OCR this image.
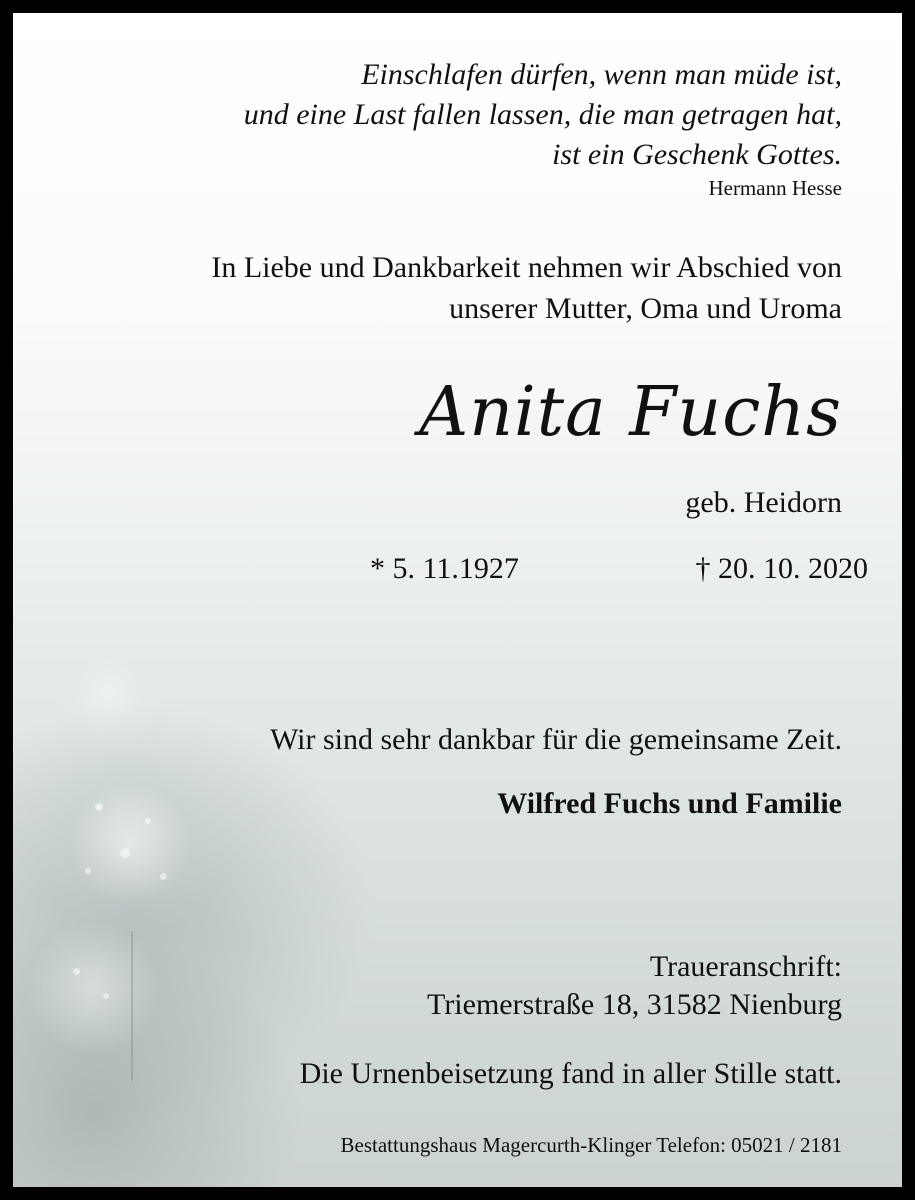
Einschlafen dürfen, wenn man müde ist,
und eine Last fallen lassen, die man getragen hat,
ist ein Geschenk Gottes.
Hermann Hesse
In Liebe und Dankbarkeit nehmen wir Abschied von
unserer Mutter, Oma und Uroma
Anita Fuchs
geb. Heidorn
* 5. 11.1927	† 20. 10. 2020
Wir sind sehr dankbar für die gemeinsame Zeit.
Wilfred Fuchs und Familie
Traueranschrift:
Triemerstraße 18, 31582 Nienburg
Die Urnenbeisetzung fand in aller Stille statt.
Bestattungshaus Magercurth-Klinger Telefon: 05021 / 2181
